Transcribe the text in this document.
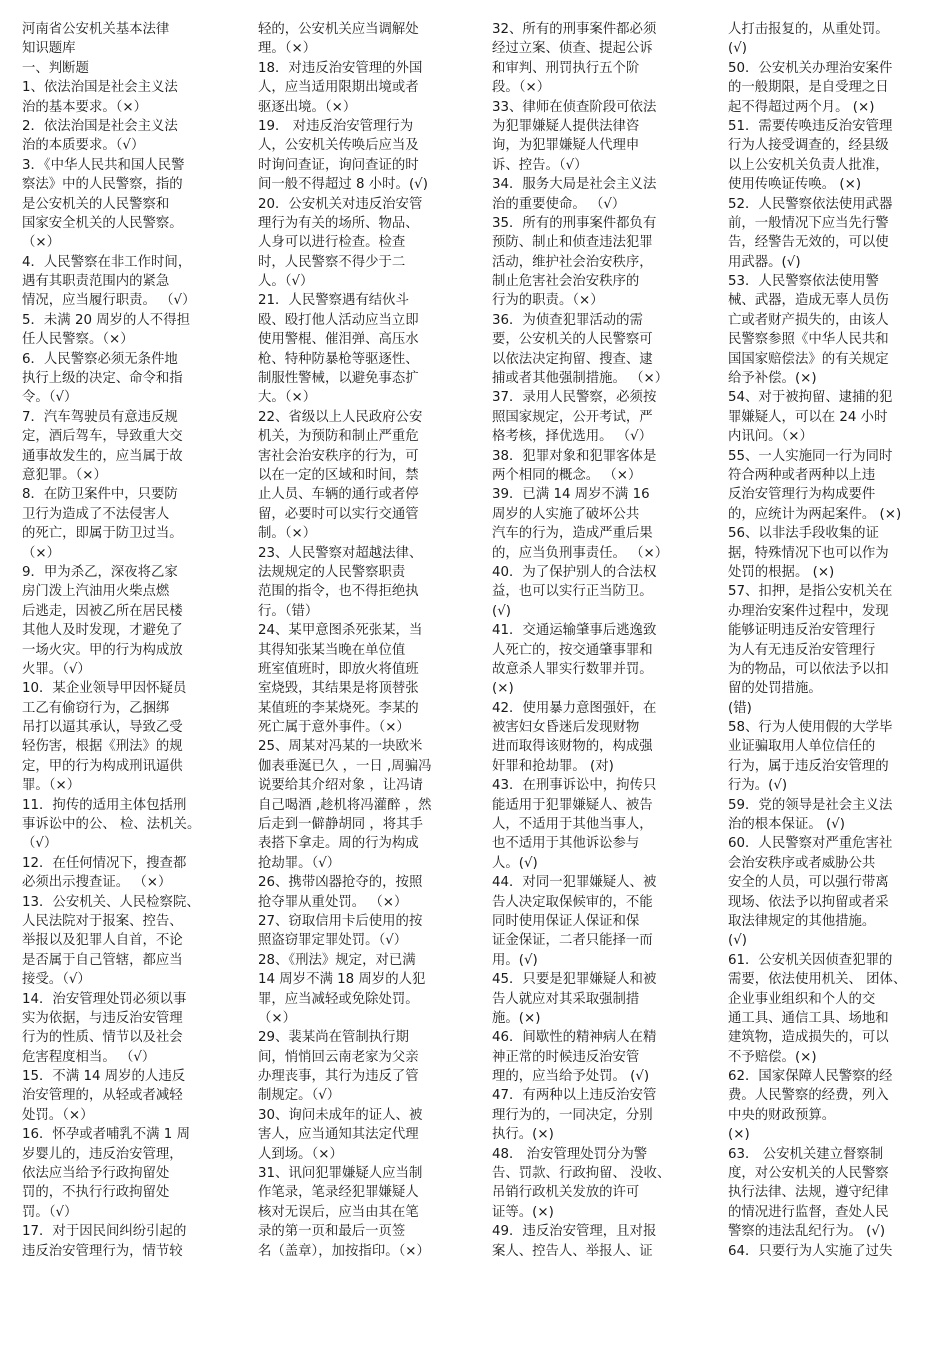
河南省公安机关基本法律
知识题库
一、判断题
1、依法治国是社会主义法
治的基本要求。（×）
2．依法治国是社会主义法
治的本质要求。（√）
3．《中华人民共和国人民警
察法》中的人民警察，指的
是公安机关的人民警察和
国家安全机关的人民警察。
（×）
4．人民警察在非工作时间，
遇有其职责范围内的紧急
情况，应当履行职责。 （√）
5．未满 20 周岁的人不得担
任人民警察。（×）
6．人民警察必须无条件地
执行上级的决定、命令和指
令。（√）
7．汽车驾驶员有意违反规
定，酒后驾车，导致重大交
通事故发生的，应当属于故
意犯罪。（×）
8．在防卫案件中，只要防
卫行为造成了不法侵害人
的死亡，即属于防卫过当。
（×）
9．甲为杀乙，深夜将乙家
房门泼上汽油用火柴点燃
后逃走，因被乙所在居民楼
其他人及时发现，才避免了
一场火灾。甲的行为构成放
火罪。（√）
10．某企业领导甲因怀疑员
工乙有偷窃行为，乙捆绑
吊打以逼其承认，导致乙受
轻伤害，根据《刑法》的规
定，甲的行为构成刑讯逼供
罪。（×）
11．拘传的适用主体包括刑
事诉讼中的公、 检、法机关。
（√）
12．在任何情况下，搜查都
必须出示搜查证。 （×）
13．公安机关、人民检察院、
人民法院对于报案、控告、
举报以及犯罪人自首，不论
是否属于自己管辖，都应当
接受。（√）
14．治安管理处罚必须以事
实为依据，与违反治安管理
行为的性质、情节以及社会
危害程度相当。 （√）
15．不满 14 周岁的人违反
治安管理的，从轻或者减轻
处罚。（×）
16．怀孕或者哺乳不满 1 周
岁婴儿的，违反治安管理，
依法应当给予行政拘留处
罚的，不执行行政拘留处
罚。（√）
17．对于因民间纠纷引起的
违反治安管理行为，情节较
轻的，公安机关应当调解处
理。（×）
18．对违反治安管理的外国
人，应当适用限期出境或者
驱逐出境。（×）
19． 对违反治安管理行为
人，公安机关传唤后应当及
时询问查证，询问查证的时
间一般不得超过 8 小时。(√)
20．公安机关对违反治安管
理行为有关的场所、物品、
人身可以进行检查。检查
时，人民警察不得少于二
人。（√）
21．人民警察遇有结伙斗
殴、殴打他人活动应当立即
使用警棍、催泪弹、高压水
枪、特种防暴枪等驱逐性、
制服性警械，以避免事态扩
大。（×）
22、省级以上人民政府公安
机关，为预防和制止严重危
害社会治安秩序的行为，可
以在一定的区域和时间，禁
止人员、车辆的通行或者停
留，必要时可以实行交通管
制。（×）
23、人民警察对超越法律、
法规规定的人民警察职责
范围的指令，也不得拒绝执
行。（错）
24、某甲意图杀死张某，当
其得知张某当晚在单位值
班室值班时，即放火将值班
室烧毁，其结果是将顶替张
某值班的李某烧死。李某的
死亡属于意外事件。（×）
25、周某对冯某的一块欧米
伽表垂涎已久 ，一日 ,周骗冯
说要给其介绍对象 ，让冯请
自己喝酒 ,趁机将冯灌醉 ，然
后走到一僻静胡同 ，将其手
表搭下拿走。周的行为构成
抢劫罪。（√）
26、携带凶器抢夺的，按照
抢夺罪从重处罚。 （×）
27、窃取信用卡后使用的按
照盗窃罪定罪处罚。（√）
28、《刑法》规定，对已满
14 周岁不满 18 周岁的人犯
罪，应当减轻或免除处罚。
（×）
29、裴某尚在管制执行期
间，悄悄回云南老家为父亲
办理丧事，其行为违反了管
制规定。（√）
30、询问未成年的证人、被
害人，应当通知其法定代理
人到场。（×）
31、讯问犯罪嫌疑人应当制
作笔录，笔录经犯罪嫌疑人
核对无误后，应当由其在笔
录的第一页和最后一页签
名（盖章），加按指印。（×）
32、所有的刑事案件都必须
经过立案、侦查、提起公诉
和审判、刑罚执行五个阶
段。（×）
33、律师在侦查阶段可依法
为犯罪嫌疑人提供法律咨
询，为犯罪嫌疑人代理申
诉、控告。（√）
34．服务大局是社会主义法
治的重要使命。 （√）
35．所有的刑事案件都负有
预防、制止和侦查违法犯罪
活动，维护社会治安秩序，
制止危害社会治安秩序的
行为的职责。（×）
36．为侦查犯罪活动的需
要，公安机关的人民警察可
以依法决定拘留、搜查、逮
捕或者其他强制措施。 （×）
37．录用人民警察，必须按
照国家规定，公开考试，严
格考核，择优选用。 （√）
38．犯罪对象和犯罪客体是
两个相同的概念。 （×）
39．已满 14 周岁不满 16
周岁的人实施了破坏公共
汽车的行为，造成严重后果
的，应当负刑事责任。 （×）
40．为了保护别人的合法权
益，也可以实行正当防卫。
(√)
41．交通运输肇事后逃逸致
人死亡的，按交通肇事罪和
故意杀人罪实行数罪并罚。
(×)
42．使用暴力意图强奸，在
被害妇女昏迷后发现财物
进而取得该财物的，构成强
奸罪和抢劫罪。 (对)
43．在刑事诉讼中，拘传只
能适用于犯罪嫌疑人、被告
人，不适用于其他当事人，
也不适用于其他诉讼参与
人。(√)
44．对同一犯罪嫌疑人、被
告人决定取保候审的，不能
同时使用保证人保证和保
证金保证，二者只能择一而
用。(√)
45．只要是犯罪嫌疑人和被
告人就应对其采取强制措
施。(×)
46．间歇性的精神病人在精
神正常的时候违反治安管
理的，应当给予处罚。 (√)
47．有两种以上违反治安管
理行为的，一同决定，分别
执行。(×)
48． 治安管理处罚分为警
告、罚款、行政拘留、 没收、
吊销行政机关发放的许可
证等。(×)
49．违反治安管理，且对报
案人、控告人、举报人、证
人打击报复的，从重处罚。
(√)
50．公安机关办理治安案件
的一般期限，是自受理之日
起不得超过两个月。 (×)
51．需要传唤违反治安管理
行为人接受调查的，经县级
以上公安机关负责人批准，
使用传唤证传唤。 (×)
52．人民警察依法使用武器
前，一般情况下应当先行警
告，经警告无效的，可以使
用武器。(√)
53．人民警察依法使用警
械、武器，造成无辜人员伤
亡或者财产损失的，由该人
民警察参照《中华人民共和
国国家赔偿法》的有关规定
给予补偿。(×)
54、对于被拘留、逮捕的犯
罪嫌疑人，可以在 24 小时
内讯问。（×）
55、一人实施同一行为同时
符合两种或者两种以上违
反治安管理行为构成要件
的，应统计为两起案件。 (×)
56、以非法手段收集的证
据，特殊情况下也可以作为
处罚的根据。 (×)
57、扣押，是指公安机关在
办理治安案件过程中，发现
能够证明违反治安管理行
为人有无违反治安管理行
为的物品，可以依法予以扣
留的处罚措施。
(错)
58、行为人使用假的大学毕
业证骗取用人单位信任的
行为，属于违反治安管理的
行为。(√)
59．党的领导是社会主义法
治的根本保证。 (√)
60．人民警察对严重危害社
会治安秩序或者威胁公共
安全的人员，可以强行带离
现场、依法予以拘留或者采
取法律规定的其他措施。
(√)
61．公安机关因侦查犯罪的
需要，依法使用机关、 团体、
企业事业组织和个人的交
通工具、通信工具、场地和
建筑物，造成损失的，可以
不予赔偿。(×)
62．国家保障人民警察的经
费。人民警察的经费，列入
中央的财政预算。
(×)
63． 公安机关建立督察制
度，对公安机关的人民警察
执行法律、法规，遵守纪律
的情况进行监督，查处人民
警察的违法乱纪行为。 (√)
64．只要行为人实施了过失
